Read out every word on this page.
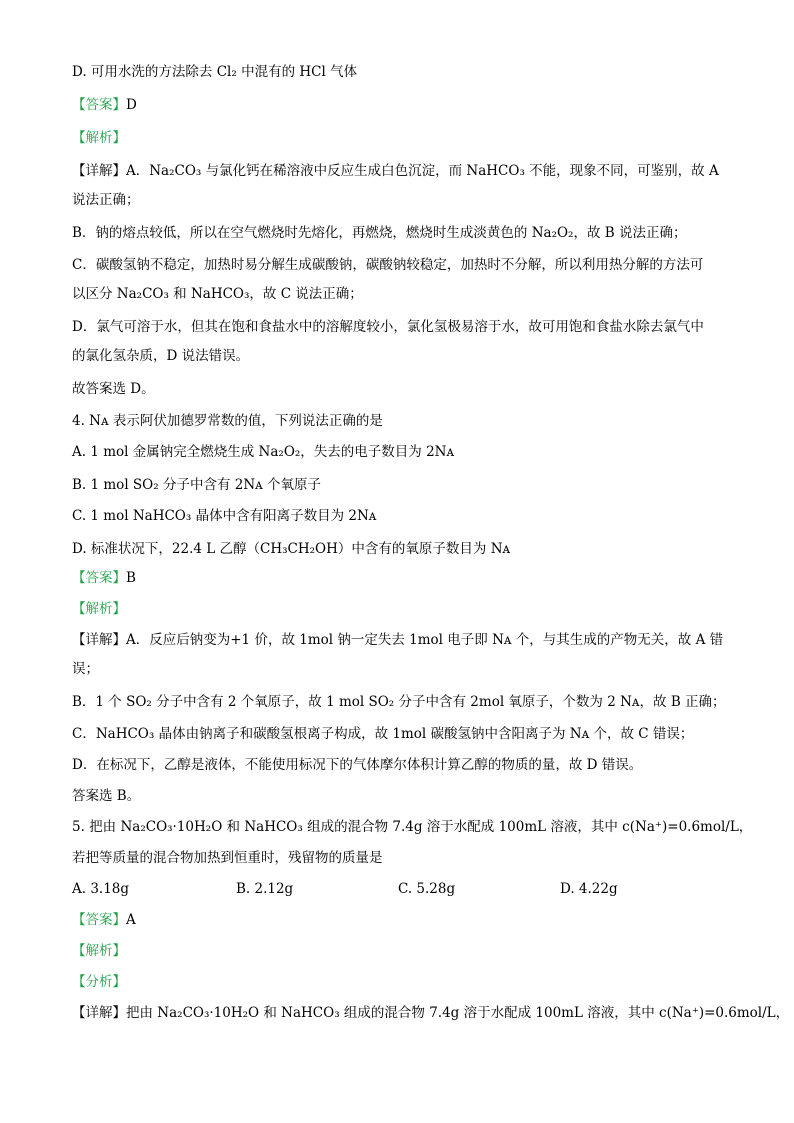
D. 可用水洗的方法除去 Cl₂ 中混有的 HCl 气体
【答案】D
【解析】
【详解】A．Na₂CO₃ 与氯化钙在稀溶液中反应生成白色沉淀，而 NaHCO₃ 不能，现象不同，可鉴别，故 A
说法正确；
B．钠的熔点较低，所以在空气燃烧时先熔化，再燃烧，燃烧时生成淡黄色的 Na₂O₂，故 B 说法正确；
C．碳酸氢钠不稳定，加热时易分解生成碳酸钠，碳酸钠较稳定，加热时不分解，所以利用热分解的方法可
以区分 Na₂CO₃ 和 NaHCO₃，故 C 说法正确；
D．氯气可溶于水，但其在饱和食盐水中的溶解度较小，氯化氢极易溶于水，故可用饱和食盐水除去氯气中
的氯化氢杂质，D 说法错误。
故答案选 D。
4. Nᴀ 表示阿伏加德罗常数的值，下列说法正确的是
A. 1 mol 金属钠完全燃烧生成 Na₂O₂，失去的电子数目为 2Nᴀ
B. 1 mol SO₂ 分子中含有 2Nᴀ 个氧原子
C. 1 mol NaHCO₃ 晶体中含有阳离子数目为 2Nᴀ
D. 标准状况下，22.4 L 乙醇（CH₃CH₂OH）中含有的氧原子数目为 Nᴀ
【答案】B
【解析】
【详解】A．反应后钠变为+1 价，故 1mol 钠一定失去 1mol 电子即 Nᴀ 个，与其生成的产物无关，故 A 错
误；
B．1 个 SO₂ 分子中含有 2 个氧原子，故 1 mol SO₂ 分子中含有 2mol 氧原子，个数为 2 Nᴀ，故 B 正确；
C．NaHCO₃ 晶体由钠离子和碳酸氢根离子构成，故 1mol 碳酸氢钠中含阳离子为 Nᴀ 个，故 C 错误；
D．在标况下，乙醇是液体，不能使用标况下的气体摩尔体积计算乙醇的物质的量，故 D 错误。
答案选 B。
5. 把由 Na₂CO₃·10H₂O 和 NaHCO₃ 组成的混合物 7.4g 溶于水配成 100mL 溶液，其中 c(Na⁺)=0.6mol/L，
若把等质量的混合物加热到恒重时，残留物的质量是
A. 3.18g	B. 2.12g	C. 5.28g	D. 4.22g
【答案】A
【解析】
【分析】
【详解】把由 Na₂CO₃·10H₂O 和 NaHCO₃ 组成的混合物 7.4g 溶于水配成 100mL 溶液，其中 c(Na⁺)=0.6mol/L，
